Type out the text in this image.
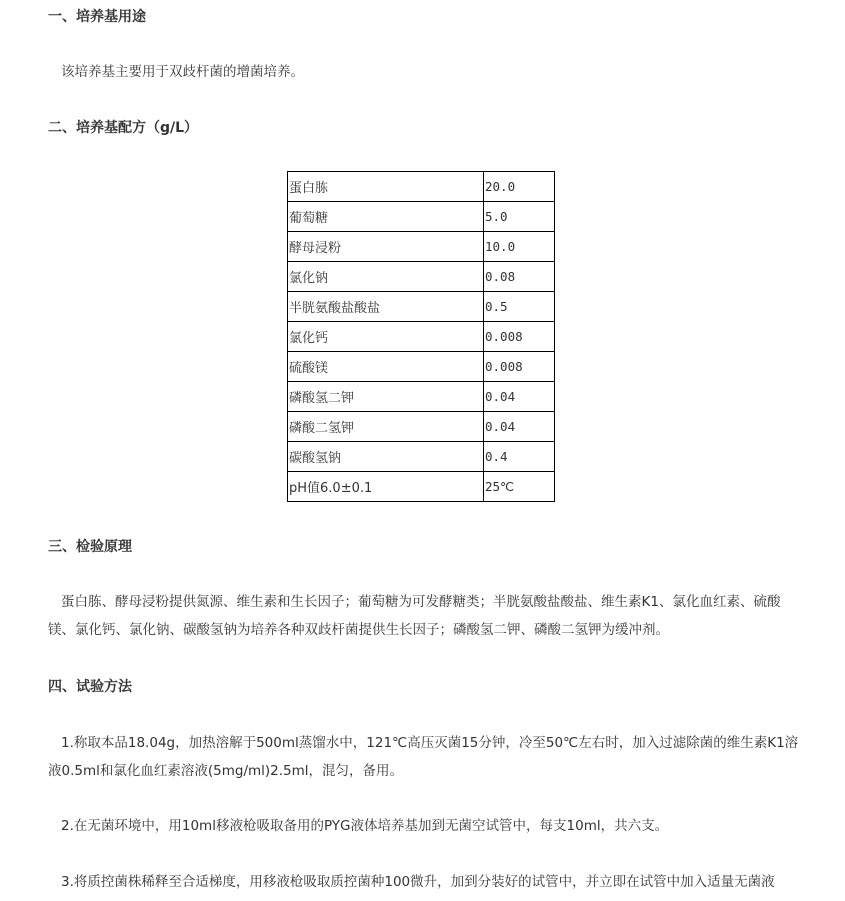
一、培养基用途

该培养基主要用于双歧杆菌的增菌培养。

二、培养基配方（g/L）
蛋白胨	20.0
葡萄糖	5.0
酵母浸粉	10.0
氯化钠	0.08
半胱氨酸盐酸盐	0.5
氯化钙	0.008
硫酸镁	0.008
磷酸氢二钾	0.04
磷酸二氢钾	0.04
碳酸氢钠	0.4
pH值6.0±0.1	25℃
三、检验原理

蛋白胨、酵母浸粉提供氮源、维生素和生长因子；葡萄糖为可发酵糖类；半胱氨酸盐酸盐、维生素K1、氯化血红素、硫酸镁、氯化钙、氯化钠、碳酸氢钠为培养各种双歧杆菌提供生长因子；磷酸氢二钾、磷酸二氢钾为缓冲剂。

四、试验方法

1.称取本品18.04g，加热溶解于500ml蒸馏水中，121℃高压灭菌15分钟，冷至50℃左右时，加入过滤除菌的维生素K1溶液0.5ml和氯化血红素溶液(5mg/ml)2.5ml，混匀，备用。

2.在无菌环境中，用10ml移液枪吸取备用的PYG液体培养基加到无菌空试管中，每支10ml，共六支。

3.将质控菌株稀释至合适梯度，用移液枪吸取质控菌种100微升，加到分装好的试管中，并立即在试管中加入适量无菌液
